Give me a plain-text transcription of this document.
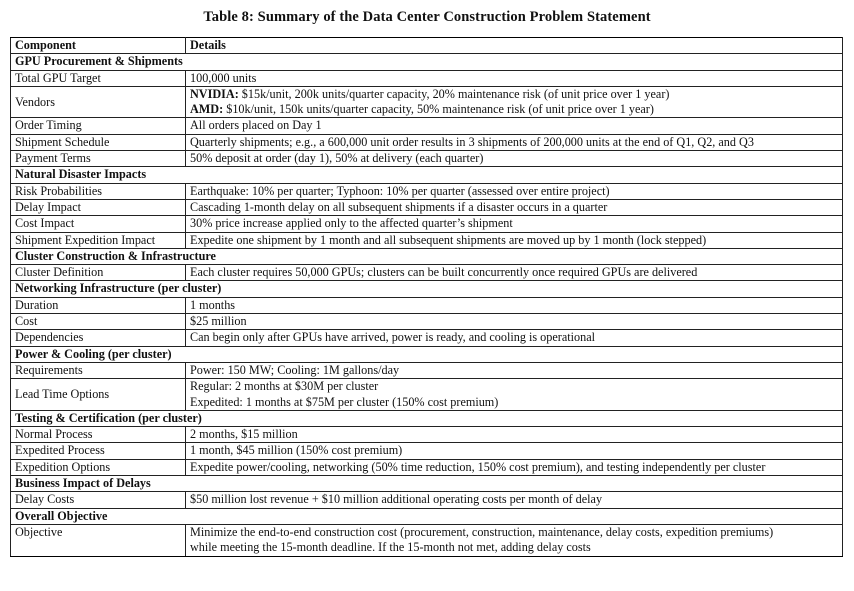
Table 8: Summary of the Data Center Construction Problem Statement
Component	Details
GPU Procurement & Shipments	
Total GPU Target	100,000 units
Vendors	NVIDIA: $15k/unit, 200k units/quarter capacity, 20% maintenance risk (of unit price over 1 year)
AMD: $10k/unit, 150k units/quarter capacity, 50% maintenance risk (of unit price over 1 year)

Order Timing	All orders placed on Day 1
Shipment Schedule	Quarterly shipments; e.g., a 600,000 unit order results in 3 shipments of 200,000 units at the end of Q1, Q2, and Q3
Payment Terms	50% deposit at order (day 1), 50% at delivery (each quarter)
Natural Disaster Impacts	
Risk Probabilities	Earthquake: 10% per quarter; Typhoon: 10% per quarter (assessed over entire project)
Delay Impact	Cascading 1-month delay on all subsequent shipments if a disaster occurs in a quarter
Cost Impact	30% price increase applied only to the affected quarter’s shipment
Shipment Expedition Impact	Expedite one shipment by 1 month and all subsequent shipments are moved up by 1 month (lock stepped)
Cluster Construction & Infrastructure	
Cluster Definition	Each cluster requires 50,000 GPUs; clusters can be built concurrently once required GPUs are delivered
Networking Infrastructure (per cluster)	
Duration	1 months
Cost	$25 million
Dependencies	Can begin only after GPUs have arrived, power is ready, and cooling is operational
Power & Cooling (per cluster)	
Requirements	Power: 150 MW; Cooling: 1M gallons/day
Lead Time Options	Regular: 2 months at $30M per cluster
Expedited: 1 months at $75M per cluster (150% cost premium)

Testing & Certification (per cluster)	
Normal Process	2 months, $15 million
Expedited Process	1 month, $45 million (150% cost premium)
Expedition Options	Expedite power/cooling, networking (50% time reduction, 150% cost premium), and testing independently per cluster
Business Impact of Delays	
Delay Costs	$50 million lost revenue + $10 million additional operating costs per month of delay
Overall Objective	
Objective	Minimize the end-to-end construction cost (procurement, construction, maintenance, delay costs, expedition premiums)
while meeting the 15-month deadline. If the 15-month not met, adding delay costs
